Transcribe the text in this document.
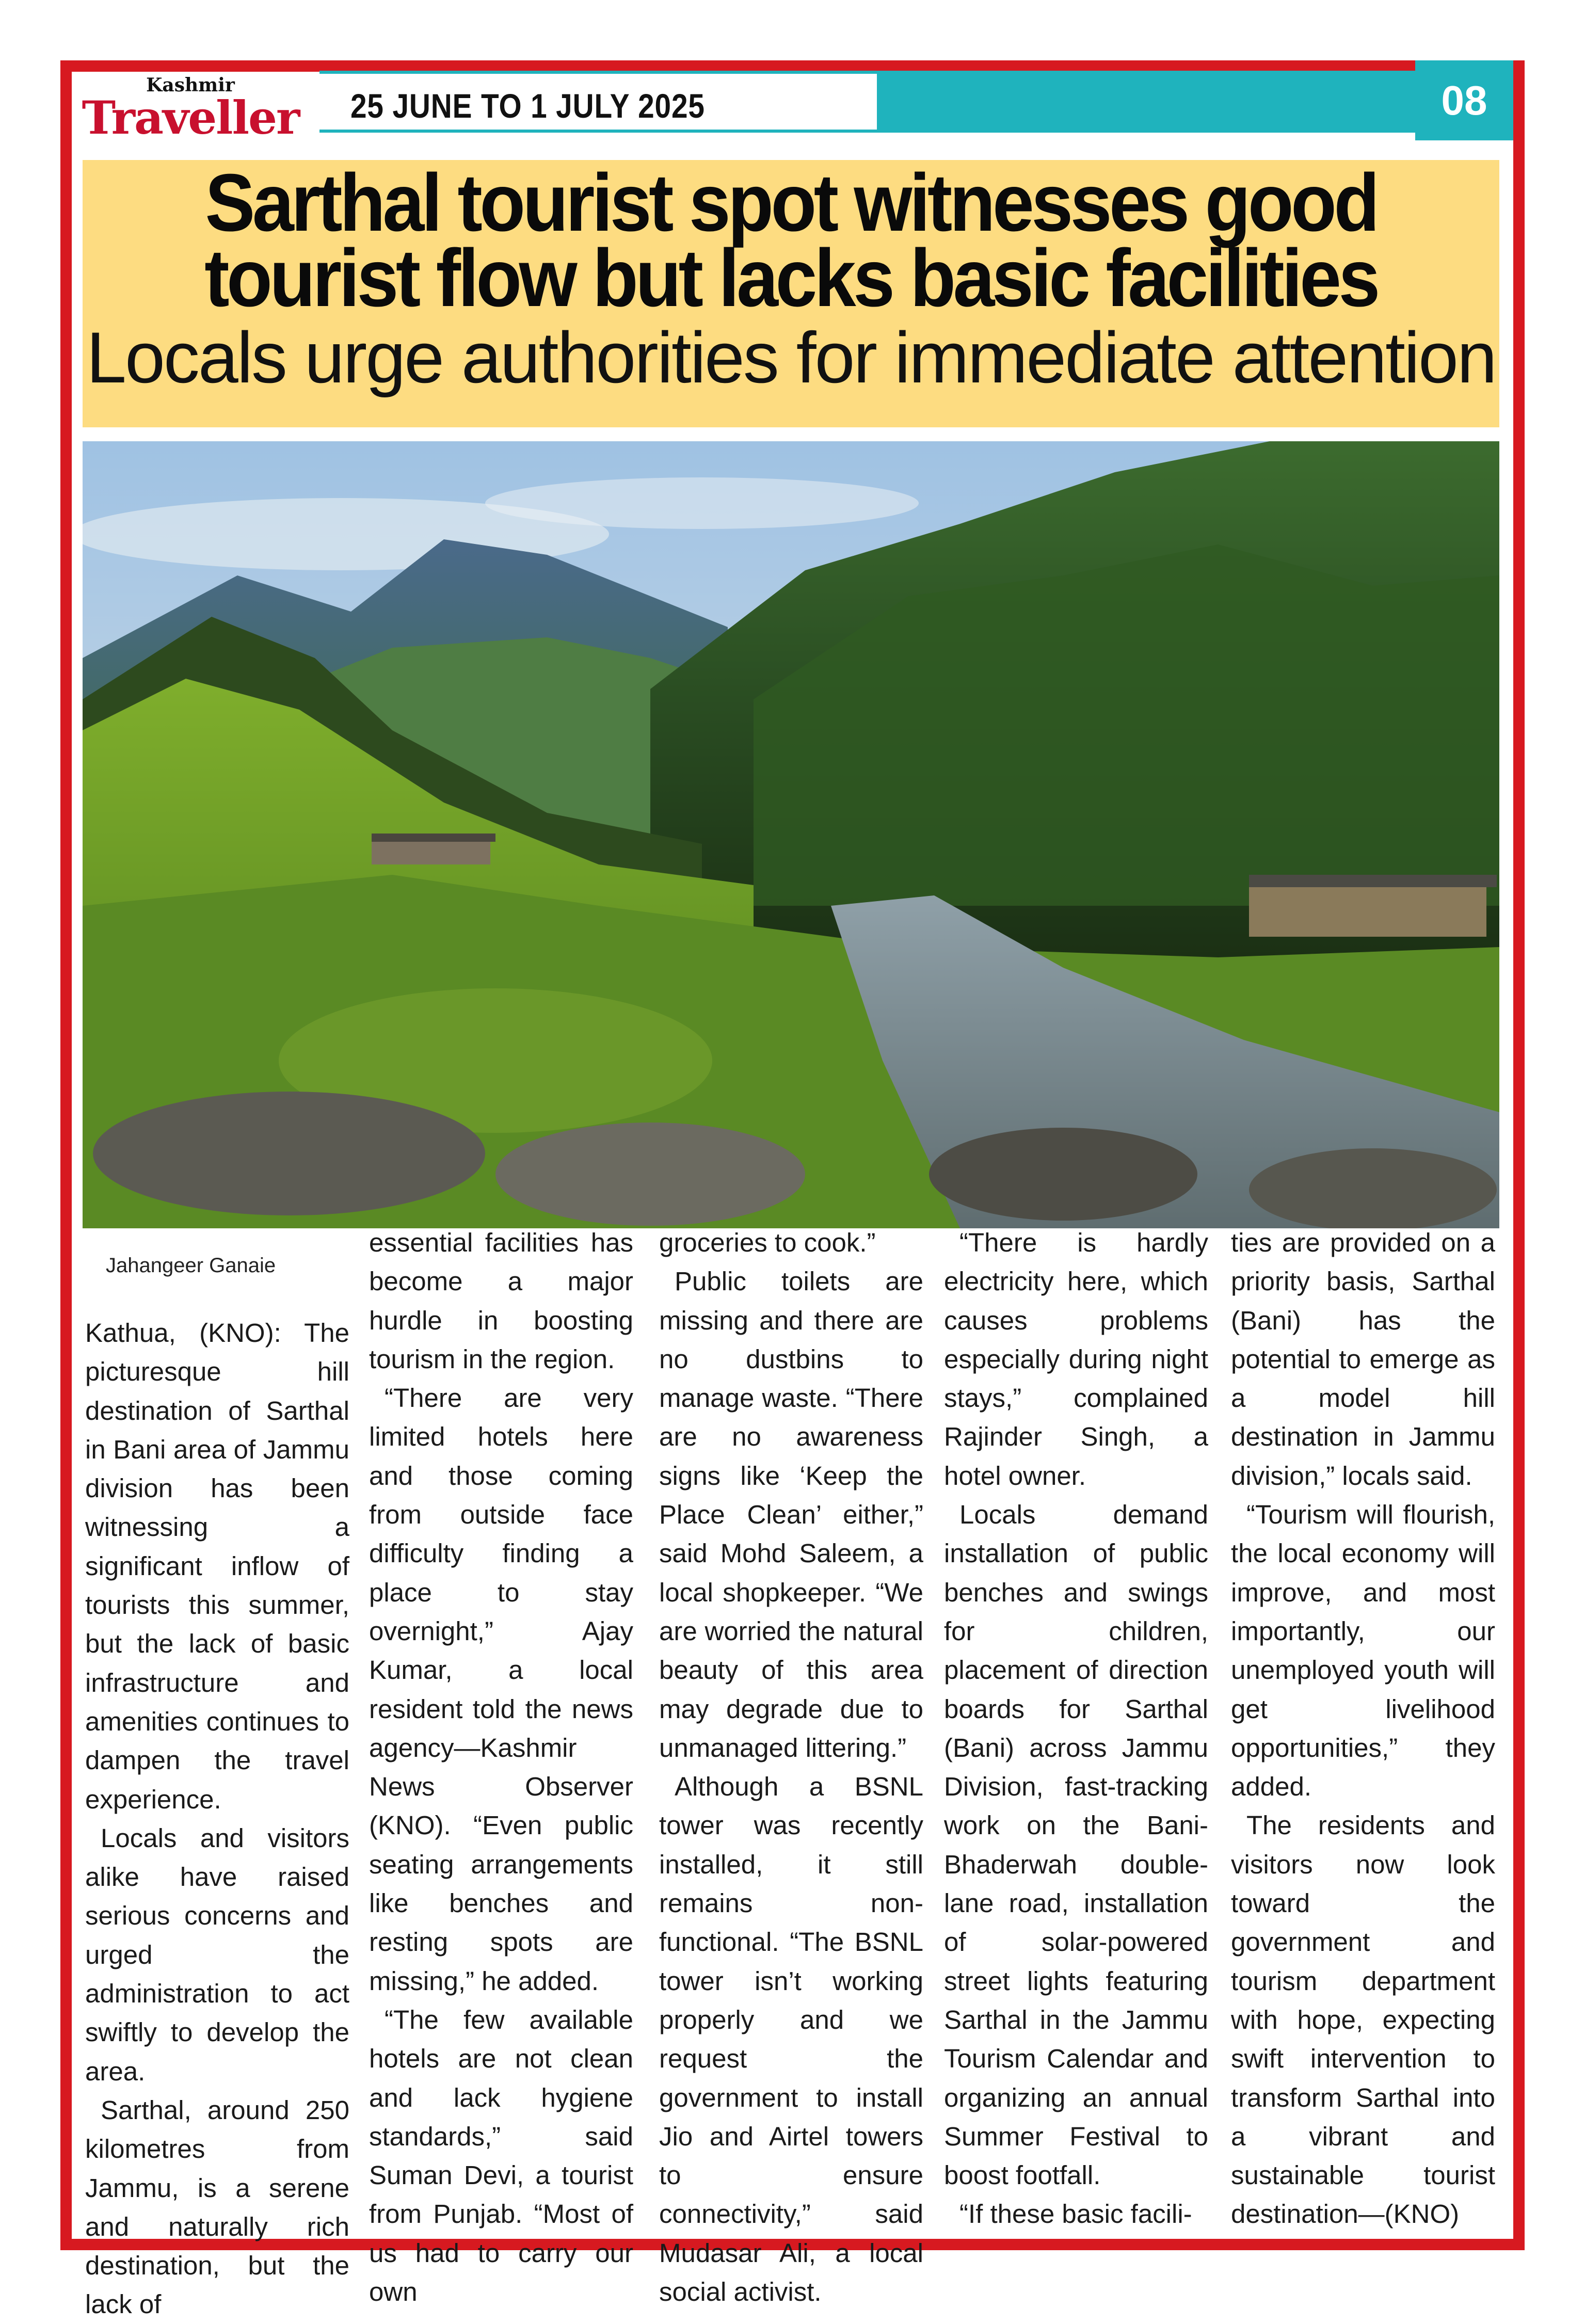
Kashmir
Traveller 25 JUNE TO 1 JULY 2025	08
Sarthal tourist spot witnesses good
tourist flow but lacks basic facilities
Locals urge authorities for immediate attention
Jahangeer Ganaie

Kathua, (KNO): The picturesque hill destination of Sarthal in Bani area of Jammu division has been witnessing a significant inflow of tourists this summer, but the lack of basic infrastructure and amenities continues to dampen the travel experience.

Locals and visitors alike have raised serious concerns and urged the administration to act swiftly to develop the area.

Sarthal, around 250 kilometres from Jammu, is a serene and naturally rich destination, but the lack of

essential facilities has become a major hurdle in boosting tourism in the region.

“There are very limited hotels here and those coming from outside face difficulty finding a place to stay overnight,” Ajay Kumar, a local resident told the news agency—Kashmir News Observer (KNO). “Even public seating arrangements like benches and resting spots are missing,” he added.

“The few available hotels are not clean and lack hygiene standards,” said Suman Devi, a tourist from Punjab. “Most of us had to carry our own

groceries to cook.”

Public toilets are missing and there are no dustbins to manage waste. “There are no awareness signs like ‘Keep the Place Clean’ either,” said Mohd Saleem, a local shopkeeper. “We are worried the natural beauty of this area may degrade due to unmanaged littering.”

Although a BSNL tower was recently installed, it still remains non-functional. “The BSNL tower isn’t working properly and we request the government to install Jio and Airtel towers to ensure connectivity,” said Mudasar Ali, a local social activist.

“There is hardly electricity here, which causes problems especially during night stays,” complained Rajinder Singh, a hotel owner.

Locals demand installation of public benches and swings for children, placement of direction boards for Sarthal (Bani) across Jammu Division, fast-tracking work on the Bani-Bhaderwah double-lane road, installation of solar-powered street lights featuring Sarthal in the Jammu Tourism Calendar and organizing an annual Summer Festival to boost footfall.

“If these basic facili-

ties are provided on a priority basis, Sarthal (Bani) has the potential to emerge as a model hill destination in Jammu division,” locals said.

“Tourism will flourish, the local economy will improve, and most importantly, our unemployed youth will get livelihood opportunities,” they added.

The residents and visitors now look toward the government and tourism department with hope, expecting swift intervention to transform Sarthal into a vibrant and sustainable tourist destination—(KNO)
